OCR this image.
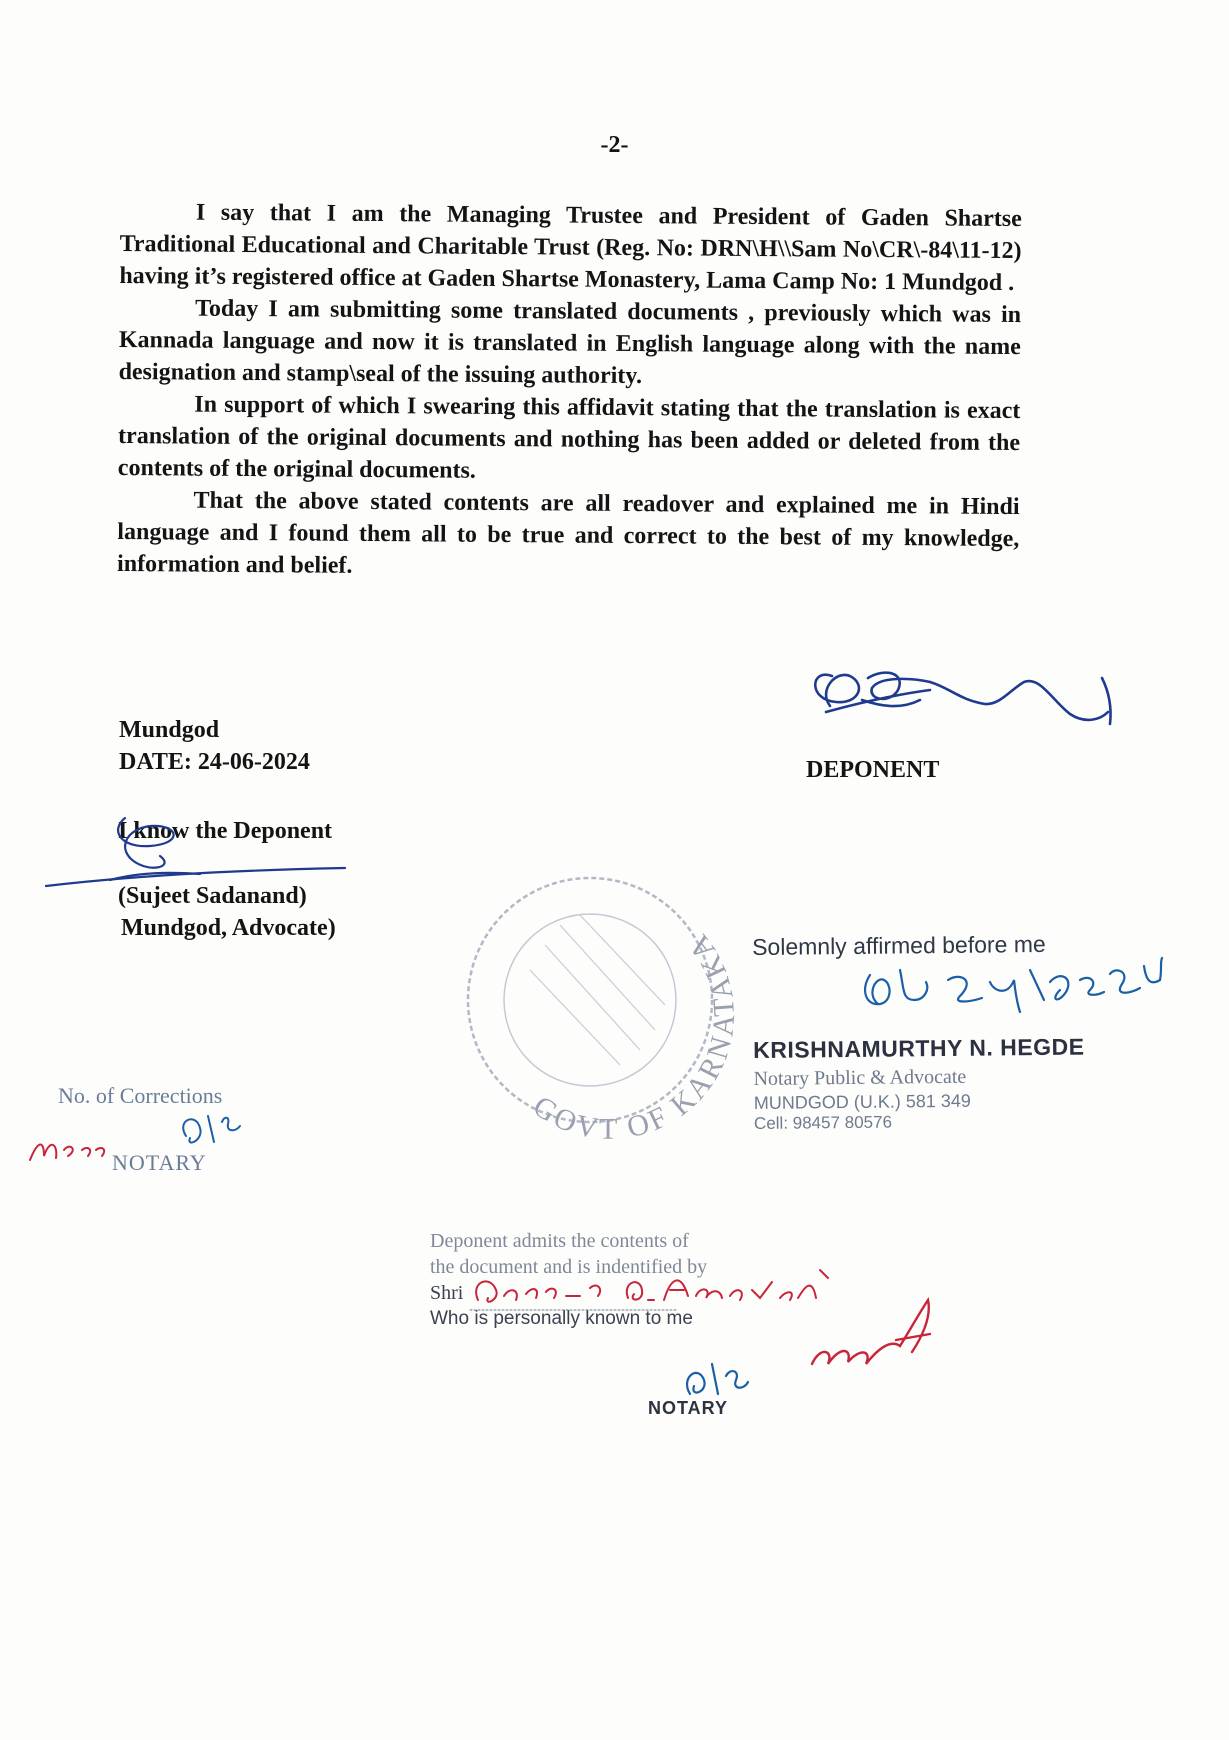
-2-

I say that I am the Managing Trustee and President of Gaden Shartse Traditional Educational and Charitable Trust (Reg. No: DRN\H\\Sam No\CR\-84\11-12) having it’s registered office at Gaden Shartse Monastery, Lama Camp No: 1 Mundgod .

Today I am submitting some translated documents , previously which was in Kannada language and now it is translated in English language along with the name designation and stamp\seal of the issuing authority.

In support of which I swearing this affidavit stating that the translation is exact translation of the original documents and nothing has been added or deleted from the contents of the original documents.

That the above stated contents are all readover and explained me in Hindi language and I found them all to be true and correct to the best of my knowledge, information and belief.

Mundgod
DATE: 24-06-2024	DEPONENT
I know the Deponent
(Sujeet Sadanand)
Mundgod, Advocate)
No. of Corrections
NOTARY
Solemnly affirmed before me
KRISHNAMURTHY N. HEGDE
Notary Public & Advocate
MUNDGOD (U.K.) 581 349
Cell: 98457 80576
Deponent admits the contents of
the document and is indentified by
Shri
Who is personally known to me
NOTARY
GOVT OF KARNATAKA
